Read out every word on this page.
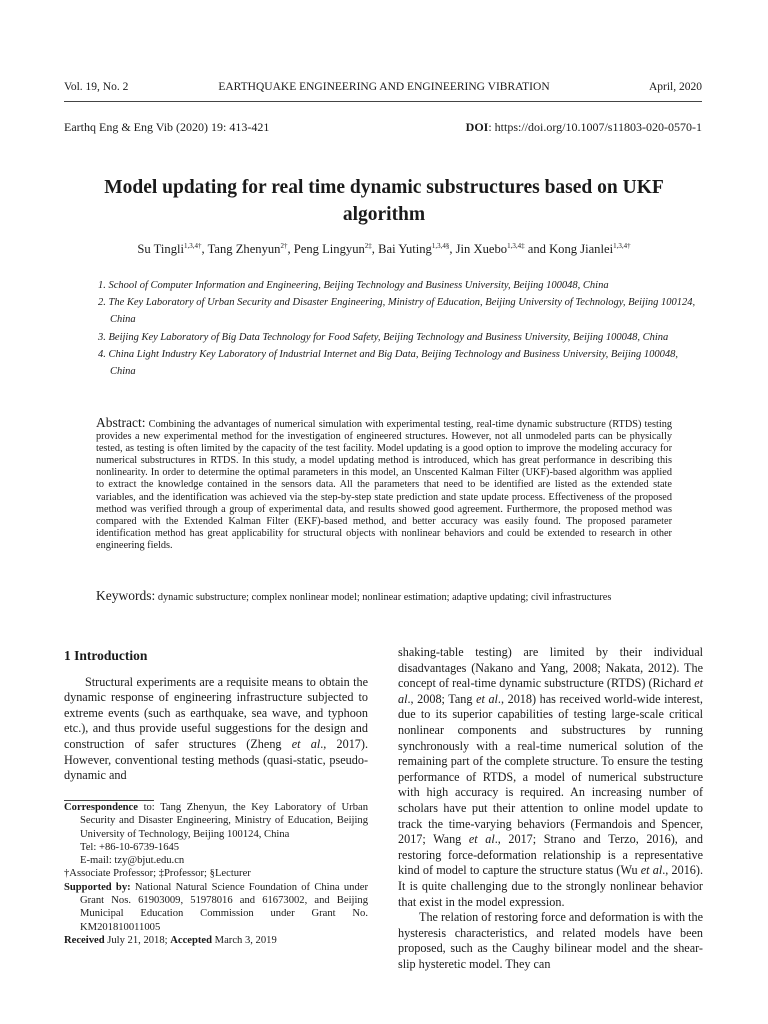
Vol. 19, No. 2	EARTHQUAKE ENGINEERING AND ENGINEERING VIBRATION	April, 2020
Earthq Eng & Eng Vib (2020) 19: 413-421	DOI: https://doi.org/10.1007/s11803-020-0570-1
Model updating for real time dynamic substructures based on UKF algorithm
Su Tingli$^{1,3,4\dagger}$, Tang Zhenyun$^{2\dagger}$, Peng Lingyun$^{2\ddagger}$, Bai Yuting$^{1,3,4\S}$, Jin Xuebo$^{1,3,4\ddagger}$ and Kong Jianlei$^{1,3,4\dagger}$
1. School of Computer Information and Engineering, Beijing Technology and Business University, Beijing 100048, China
2. The Key Laboratory of Urban Security and Disaster Engineering, Ministry of Education, Beijing University of Technology, Beijing 100124, China
3. Beijing Key Laboratory of Big Data Technology for Food Safety, Beijing Technology and Business University, Beijing 100048, China
4. China Light Industry Key Laboratory of Industrial Internet and Big Data, Beijing Technology and Business University, Beijing 100048, China
Abstract: Combining the advantages of numerical simulation with experimental testing, real-time dynamic substructure (RTDS) testing provides a new experimental method for the investigation of engineered structures. However, not all unmodeled parts can be physically tested, as testing is often limited by the capacity of the test facility. Model updating is a good option to improve the modeling accuracy for numerical substructures in RTDS. In this study, a model updating method is introduced, which has great performance in describing this nonlinearity. In order to determine the optimal parameters in this model, an Unscented Kalman Filter (UKF)-based algorithm was applied to extract the knowledge contained in the sensors data. All the parameters that need to be identified are listed as the extended state variables, and the identification was achieved via the step-by-step state prediction and state update process. Effectiveness of the proposed method was verified through a group of experimental data, and results showed good agreement. Furthermore, the proposed method was compared with the Extended Kalman Filter (EKF)-based method, and better accuracy was easily found. The proposed parameter identification method has great applicability for structural objects with nonlinear behaviors and could be extended to research in other engineering fields.
Keywords: dynamic substructure; complex nonlinear model; nonlinear estimation; adaptive updating; civil infrastructures
1 Introduction

Structural experiments are a requisite means to obtain the dynamic response of engineering infrastructure subjected to extreme events (such as earthquake, sea wave, and typhoon etc.), and thus provide useful suggestions for the design and construction of safer structures (Zheng et al., 2017). However, conventional testing methods (quasi-static, pseudo-dynamic and

Correspondence to: Tang Zhenyun, the Key Laboratory of Urban Security and Disaster Engineering, Ministry of Education, Beijing University of Technology, Beijing 100124, China
Tel: +86-10-6739-1645
E-mail: tzy@bjut.edu.cn

†Associate Professor; ‡Professor; §Lecturer

Supported by: National Natural Science Foundation of China under Grant Nos. 61903009, 51978016 and 61673002, and Beijing Municipal Education Commission under Grant No. KM201810011005

Received July 21, 2018; Accepted March 3, 2019

shaking-table testing) are limited by their individual disadvantages (Nakano and Yang, 2008; Nakata, 2012). The concept of real-time dynamic substructure (RTDS) (Richard et al., 2008; Tang et al., 2018) has received world-wide interest, due to its superior capabilities of testing large-scale critical nonlinear components and substructures by running synchronously with a real-time numerical solution of the remaining part of the complete structure. To ensure the testing performance of RTDS, a model of numerical substructure with high accuracy is required. An increasing number of scholars have put their attention to online model update to track the time-varying behaviors (Fermandois and Spencer, 2017; Wang et al., 2017; Strano and Terzo, 2016), and restoring force-deformation relationship is a representative kind of model to capture the structure status (Wu et al., 2016). It is quite challenging due to the strongly nonlinear behavior that exist in the model expression.

The relation of restoring force and deformation is with the hysteresis characteristics, and related models have been proposed, such as the Caughy bilinear model and the shear-slip hysteretic model. They can
